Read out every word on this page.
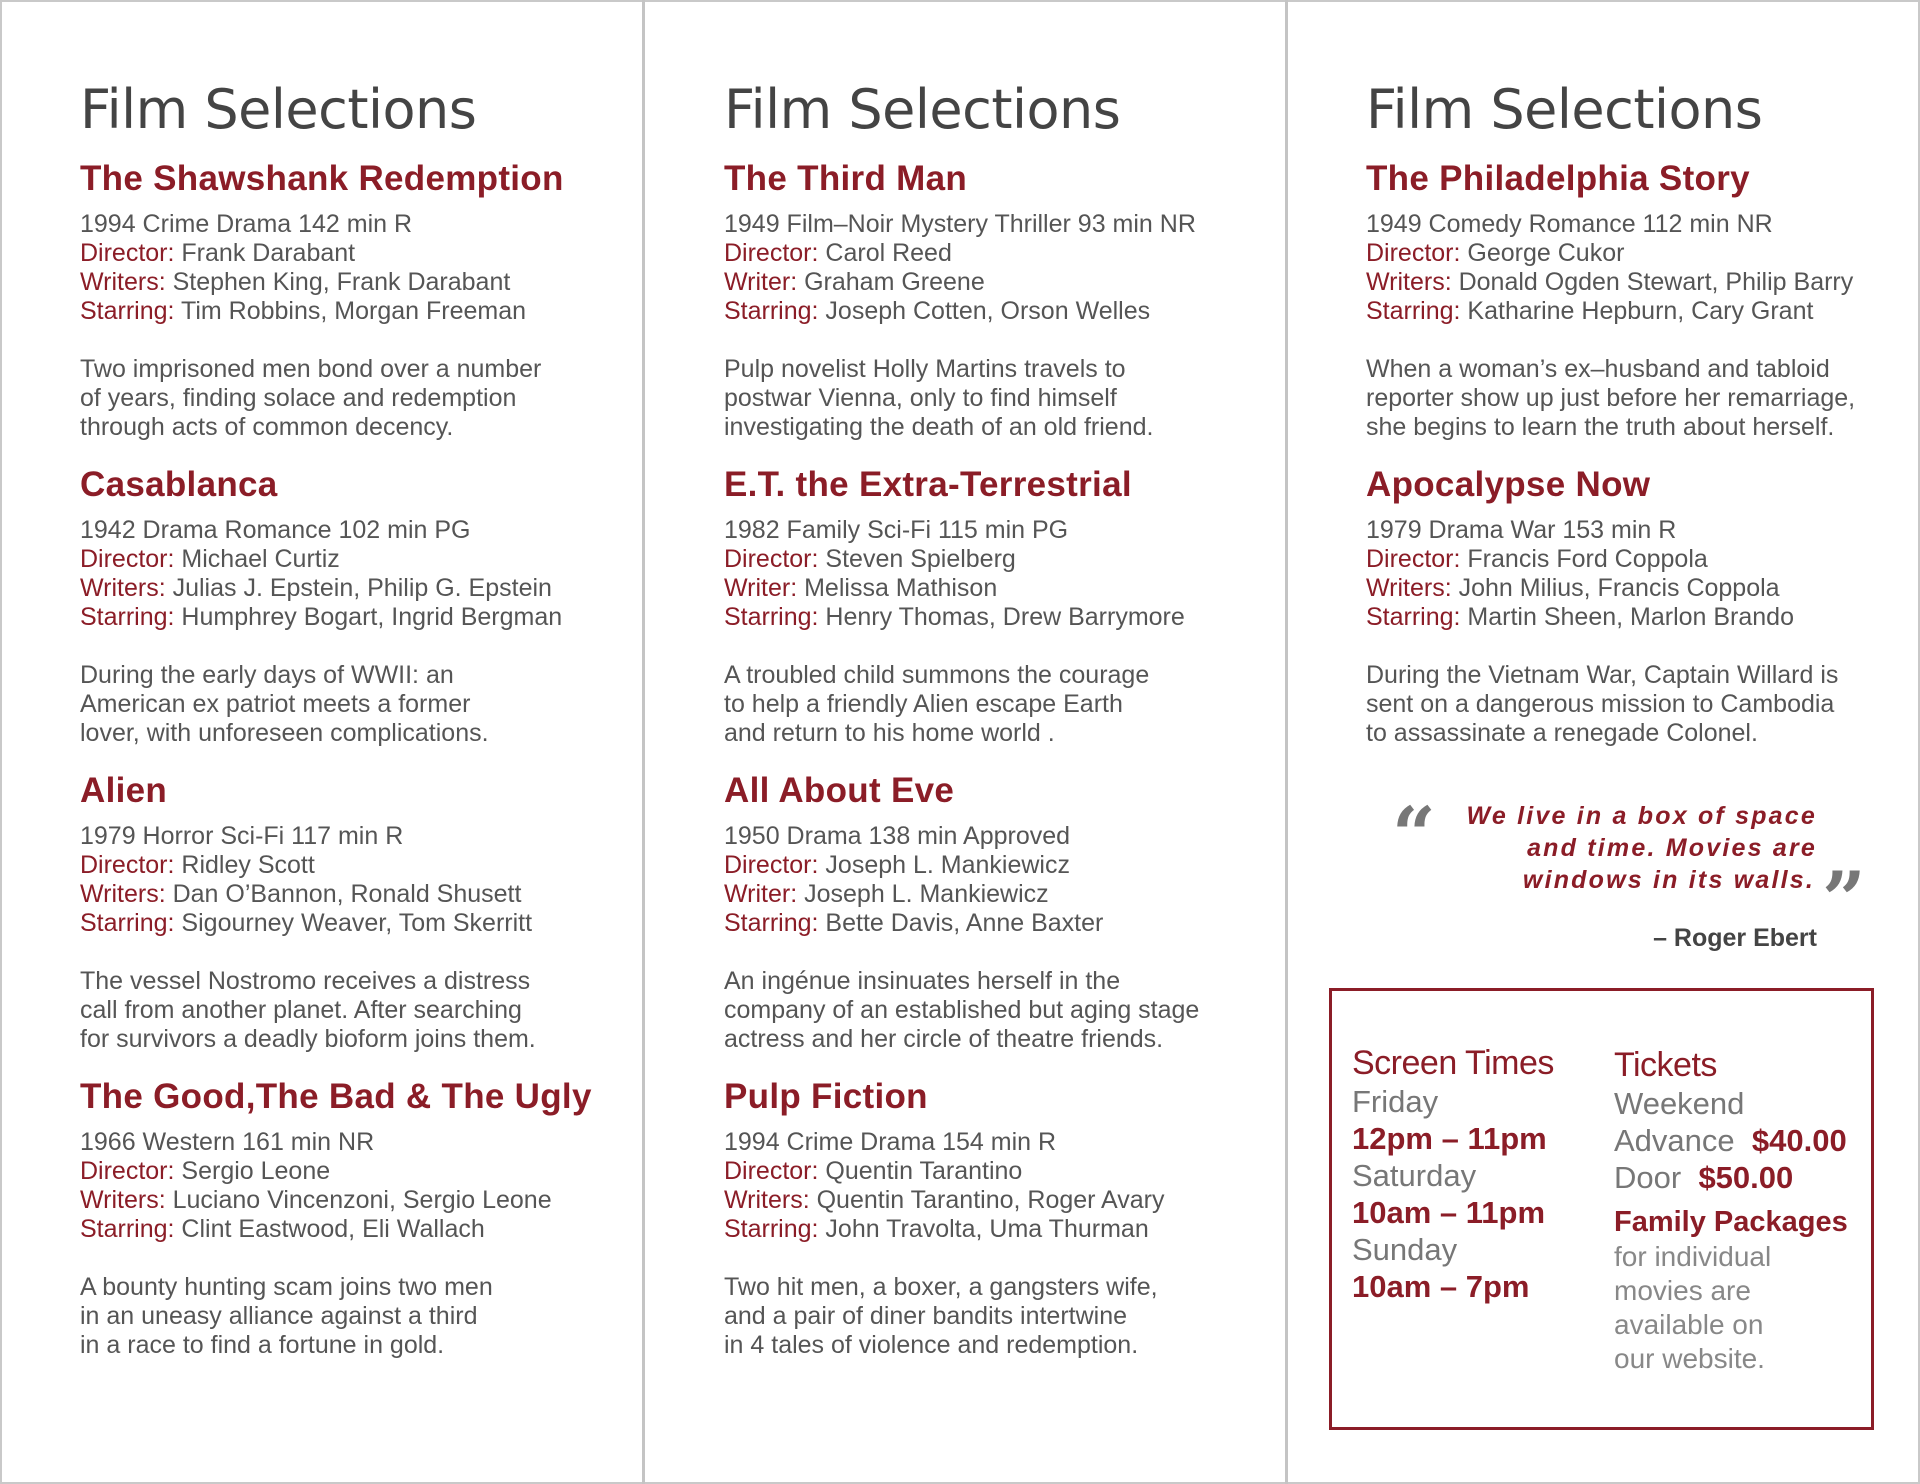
Film Selections
The Shawshank Redemption
1994 Crime Drama 142 min R
Director: Frank Darabant
Writers: Stephen King, Frank Darabant
Starring: Tim Robbins, Morgan Freeman
Two imprisoned men bond over a number
of years, finding solace and redemption
through acts of common decency.
Casablanca
1942 Drama Romance 102 min PG
Director: Michael Curtiz
Writers: Julias J. Epstein, Philip G. Epstein
Starring: Humphrey Bogart, Ingrid Bergman
During the early days of WWII: an
American ex patriot meets a former
lover, with unforeseen complications.
Alien
1979 Horror Sci-Fi 117 min R
Director: Ridley Scott
Writers: Dan O’Bannon, Ronald Shusett
Starring: Sigourney Weaver, Tom Skerritt
The vessel Nostromo receives a distress
call from another planet. After searching
for survivors a deadly bioform joins them.
The Good,The Bad & The Ugly
1966 Western 161 min NR
Director: Sergio Leone
Writers: Luciano Vincenzoni, Sergio Leone
Starring: Clint Eastwood, Eli Wallach
A bounty hunting scam joins two men
in an uneasy alliance against a third
in a race to find a fortune in gold.
Film Selections
The Third Man
1949 Film–Noir Mystery Thriller 93 min NR
Director: Carol Reed
Writer: Graham Greene
Starring: Joseph Cotten, Orson Welles
Pulp novelist Holly Martins travels to
postwar Vienna, only to find himself
investigating the death of an old friend.
E.T. the Extra-Terrestrial
1982 Family Sci-Fi 115 min PG
Director: Steven Spielberg
Writer: Melissa Mathison
Starring: Henry Thomas, Drew Barrymore
A troubled child summons the courage
to help a friendly Alien escape Earth
and return to his home world .
All About Eve
1950 Drama 138 min Approved
Director: Joseph L. Mankiewicz
Writer: Joseph L. Mankiewicz
Starring: Bette Davis, Anne Baxter
An ingénue insinuates herself in the
company of an established but aging stage
actress and her circle of theatre friends.
Pulp Fiction
1994 Crime Drama 154 min R
Director: Quentin Tarantino
Writers: Quentin Tarantino, Roger Avary
Starring: John Travolta, Uma Thurman
Two hit men, a boxer, a gangsters wife,
and a pair of diner bandits intertwine
in 4 tales of violence and redemption.
Film Selections
The Philadelphia Story
1949 Comedy Romance 112 min NR
Director: George Cukor
Writers: Donald Ogden Stewart, Philip Barry
Starring: Katharine Hepburn, Cary Grant
When a woman’s ex–husband and tabloid
reporter show up just before her remarriage,
she begins to learn the truth about herself.
Apocalypse Now
1979 Drama War 153 min R
Director: Francis Ford Coppola
Writers: John Milius, Francis Coppola
Starring: Martin Sheen, Marlon Brando
During the Vietnam War, Captain Willard is
sent on a dangerous mission to Cambodia
to assassinate a renegade Colonel.
We live in a box of space
and time. Movies are
windows in its walls.
“
”
– Roger Ebert
Screen Times
Friday
12pm – 11pm
Saturday
10am – 11pm
Sunday
10am – 7pm
Tickets
Weekend
Advance $40.00
Door $50.00
Family Packages
for individual
movies are
available on
our website.
